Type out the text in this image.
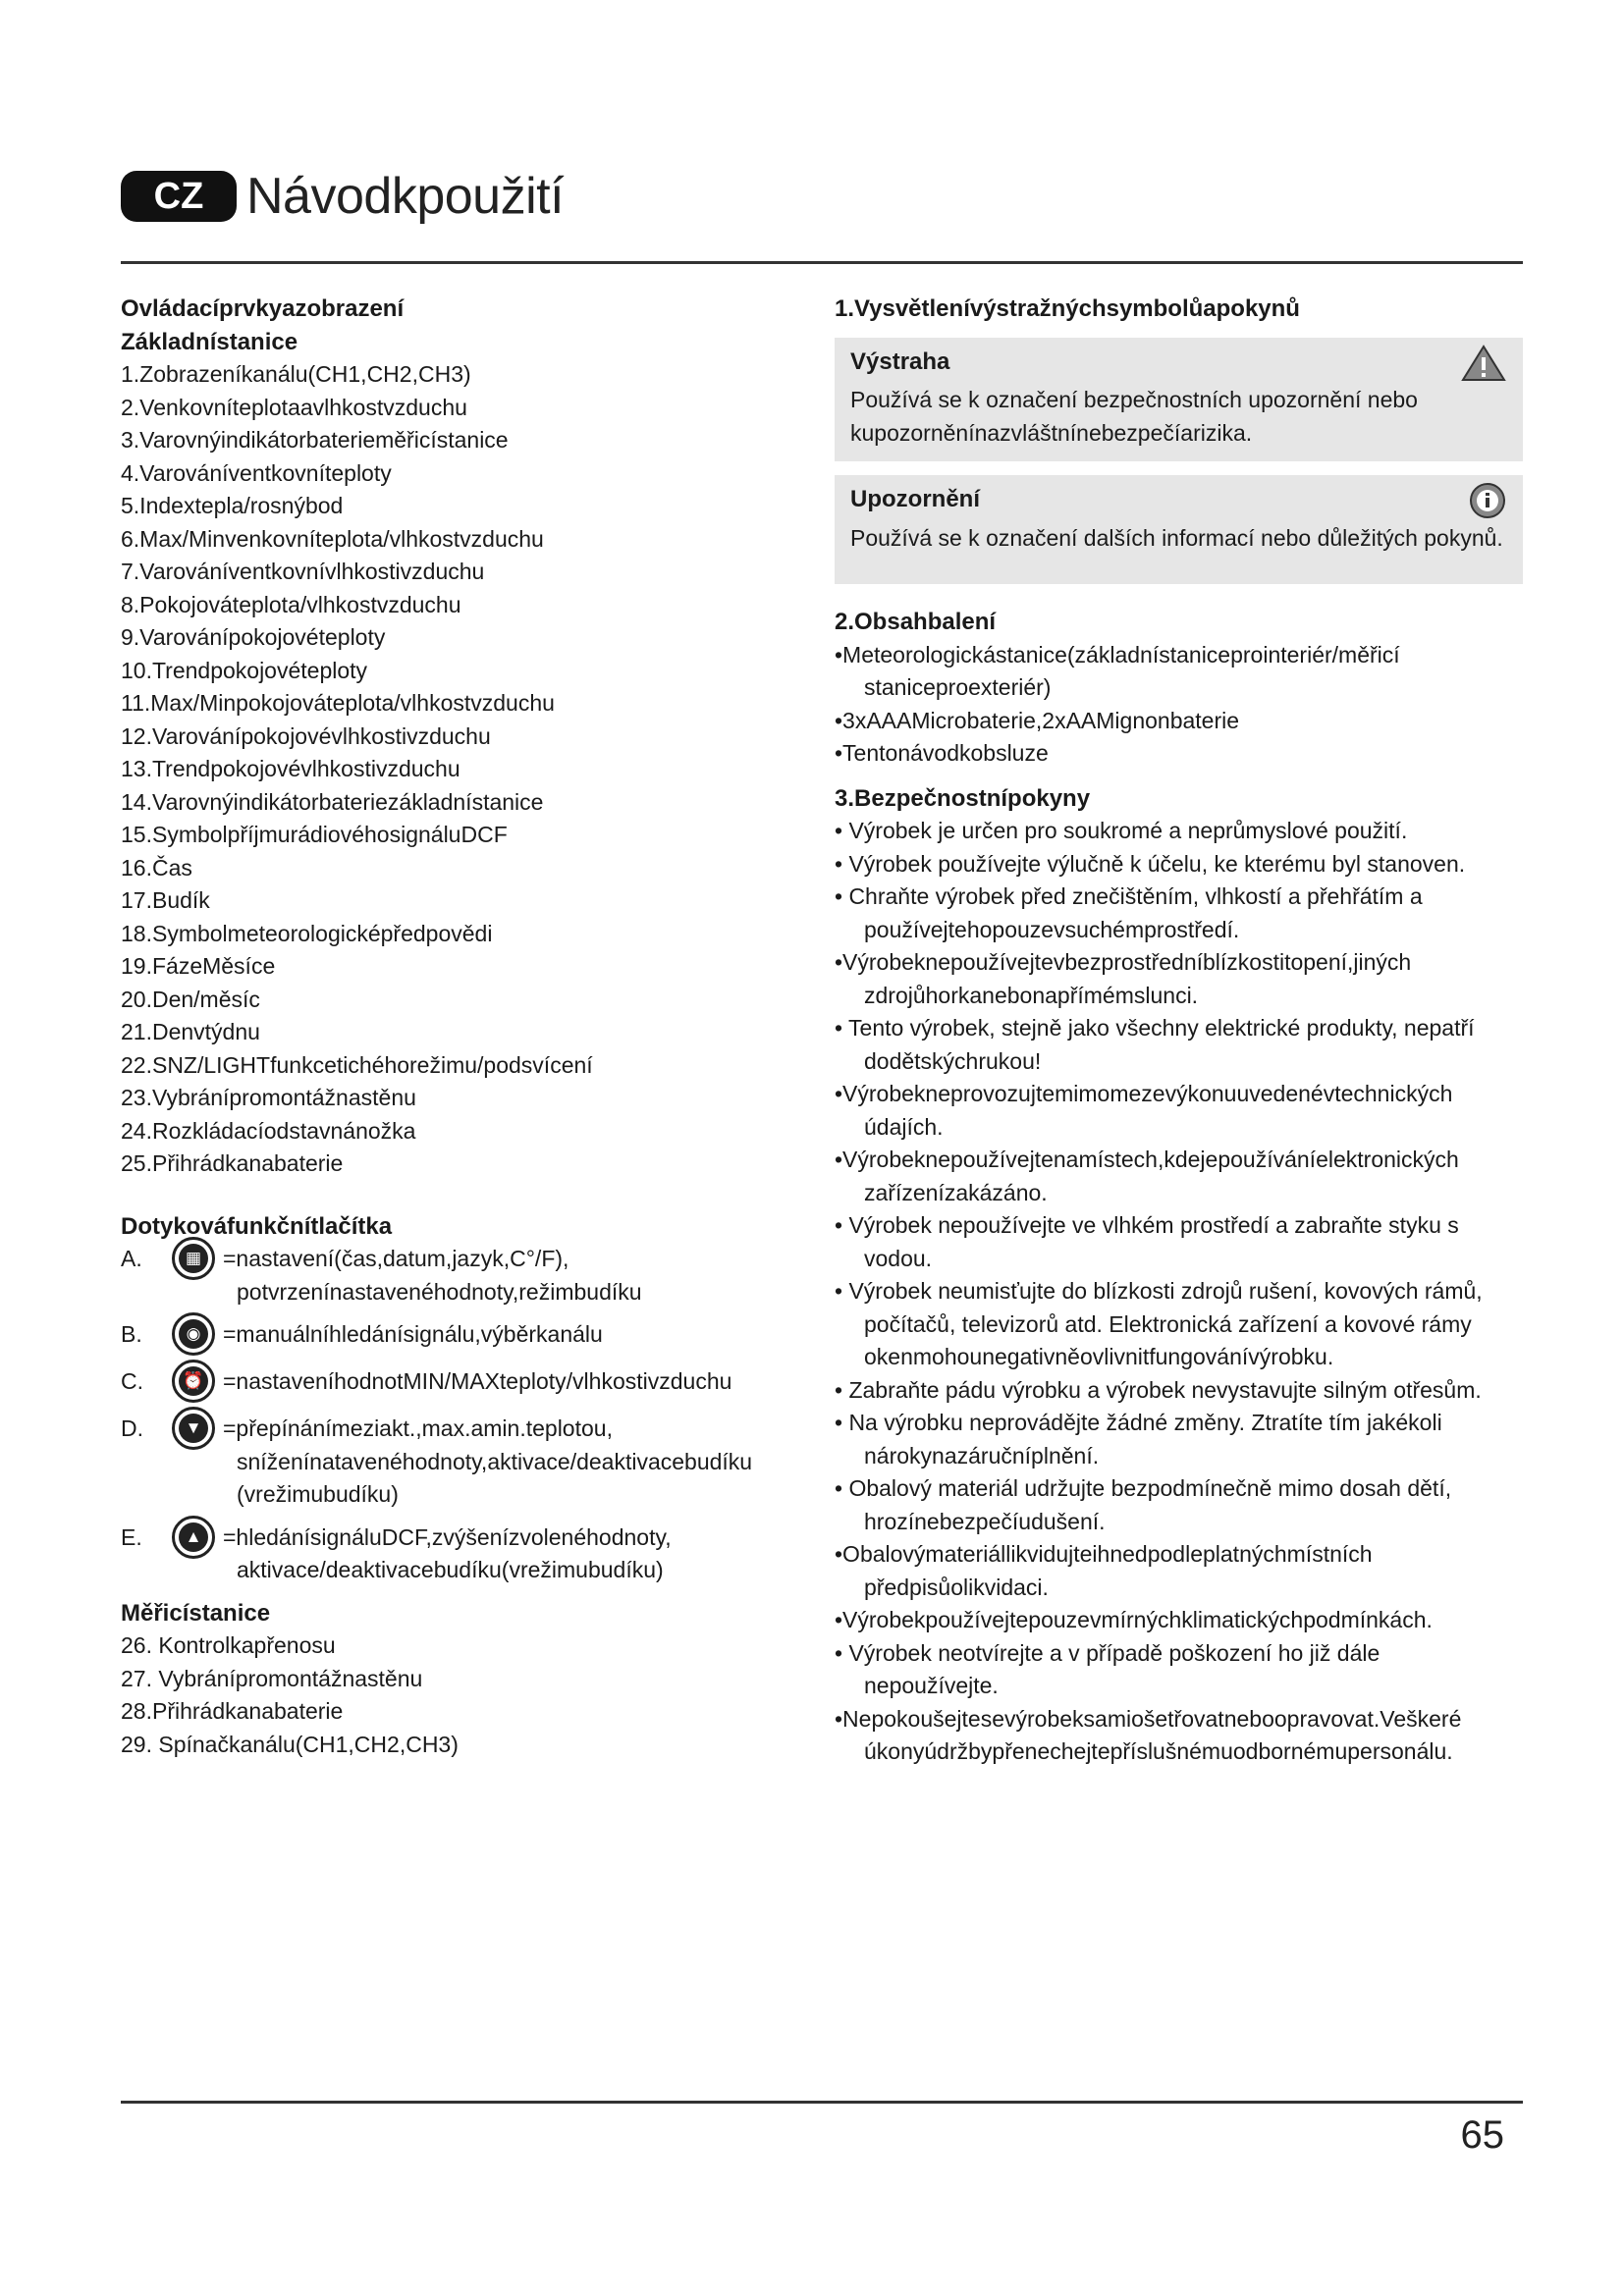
CZ Návodkpoužití
Ovládacíprvkyazobrazení
Základnístanice
1.Zobrazeníkanálu(CH1,CH2,CH3)
2.Venkovníteplotaavlhkostvzduchu
3.Varovnýindikátorbaterieměřicístanice
4.Varováníventkovníteploty
5.Indextepla/rosnýbod
6.Max/Minvenkovníteplota/vlhkostvzduchu
7.Varováníventkovnívlhkostivzduchu
8.Pokojováteplota/vlhkostvzduchu
9.Varovánípokojovéteploty
10.Trendpokojovéteploty
11.Max/Minpokojováteplota/vlhkostvzduchu
12.Varovánípokojovévlhkostivzduchu
13.Trendpokojovévlhkostivzduchu
14.Varovnýindikátorbateriezákladnístanice
15.SymbolpříjmurádiovéhosignáluDCF
16.Čas
17.Budík
18.Symbolmeteorologicképředpovědi
19.FázeMěsíce
20.Den/měsíc
21.Denvtýdnu
22.SNZ/LIGHTfunkcetichéhorežimu/podsvícení
23.Vybránípromontážnastěnu
24.Rozkládacíodstavnánožka
25.Přihrádkanabaterie
Dotykováfunkčnítlačítka
A.	▦ =nastavení(čas,datum,jazyk,C°/F),
potvrzenínastavenéhodnoty,režimbudíku
B.	◉ =manuálníhledánísignálu,výběrkanálu
C.	⏰ =nastaveníhodnotMIN/MAXteploty/vlhkostivzduchu
D.	▼ =přepínánímeziakt.,max.amin.teplotou,
sníženínatavenéhodnoty,aktivace/deaktivacebudíku
(vrežimubudíku)
E.	▲ =hledánísignáluDCF,zvýšenízvolenéhodnoty,
aktivace/deaktivacebudíku(vrežimubudíku)
Měřicístanice
26. Kontrolkapřenosu
27. Vybránípromontážnastěnu
28.Přihrádkanabaterie
29. Spínačkanálu(CH1,CH2,CH3)
1.Vysvětlenívýstražnýchsymbolůapokynů
Výstraha
Používá se k označení bezpečnostních upozornění nebo
kupozorněnínazvláštnínebezpečíarizika.
Upozornění
Používá se k označení dalších informací nebo důležitých pokynů.
2.Obsahbalení
•Meteorologickástanice(základnístaniceprointeriér/měřicí
staniceproexteriér)
•3xAAAMicrobaterie,2xAAMignonbaterie
•Tentonávodkobsluze
3.Bezpečnostnípokyny
• Výrobek je určen pro soukromé a neprůmyslové použití.
• Výrobek používejte výlučně k účelu, ke kterému byl stanoven.
• Chraňte výrobek před znečištěním, vlhkostí a přehřátím a
používejtehopouzevsuchémprostředí.
•Výrobeknepoužívejtevbezprostředníblízkostitopení,jiných
zdrojůhorkanebonapřímémslunci.
• Tento výrobek, stejně jako všechny elektrické produkty, nepatří
dodětskýchrukou!
•Výrobekneprovozujtemimomezevýkonuuvedenévtechnických
údajích.
•Výrobeknepoužívejtenamístech,kdejepoužíváníelektronických
zařízenízakázáno.
• Výrobek nepoužívejte ve vlhkém prostředí a zabraňte styku s
vodou.
• Výrobek neumisťujte do blízkosti zdrojů rušení, kovových rámů,
počítačů, televizorů atd. Elektronická zařízení a kovové rámy
okenmohounegativněovlivnitfungovánívýrobku.
• Zabraňte pádu výrobku a výrobek nevystavujte silným otřesům.
• Na výrobku neprovádějte žádné změny. Ztratíte tím jakékoli
nárokynazáručníplnění.
• Obalový materiál udržujte bezpodmínečně mimo dosah dětí,
hrozínebezpečíudušení.
•Obalovýmateriállikvidujteihnedpodleplatnýchmístních
předpisůolikvidaci.
•Výrobekpoužívejtepouzevmírnýchklimatickýchpodmínkách.
• Výrobek neotvírejte a v případě poškození ho již dále
nepoužívejte.
•Nepokoušejtesevýrobeksamiošetřovatneboopravovat.Veškeré
úkonyúdržbypřenechejtepříslušnémuodbornémupersonálu.
65
